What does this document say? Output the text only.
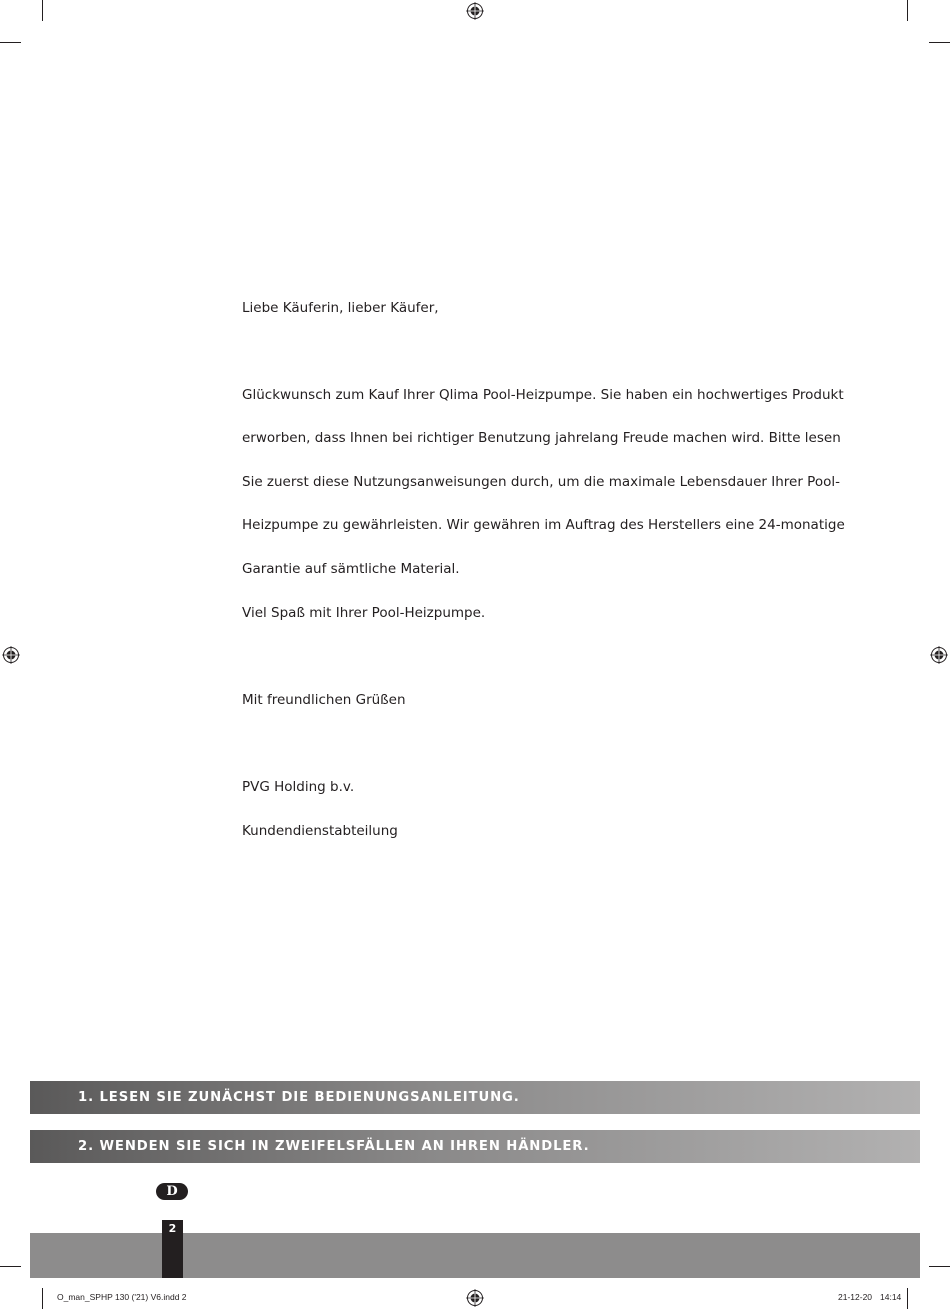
Liebe Käuferin, lieber Käufer,
Glückwunsch zum Kauf Ihrer Qlima Pool-Heizpumpe. Sie haben ein hochwertiges Produkt
erworben, dass Ihnen bei richtiger Benutzung jahrelang Freude machen wird. Bitte lesen
Sie zuerst diese Nutzungsanweisungen durch, um die maximale Lebensdauer Ihrer Pool-
Heizpumpe zu gewährleisten. Wir gewähren im Auftrag des Herstellers eine 24-monatige
Garantie auf sämtliche Material.
Viel Spaß mit Ihrer Pool-Heizpumpe.
Mit freundlichen Grüßen
PVG Holding b.v.
Kundendienstabteilung
1. LESEN SIE ZUNÄCHST DIE BEDIENUNGSANLEITUNG.
2. WENDEN SIE SICH IN ZWEIFELSFÄLLEN AN IHREN HÄNDLER.
D
2
O_man_SPHP 130 ('21) V6.indd 2	21-12-20 14:14
